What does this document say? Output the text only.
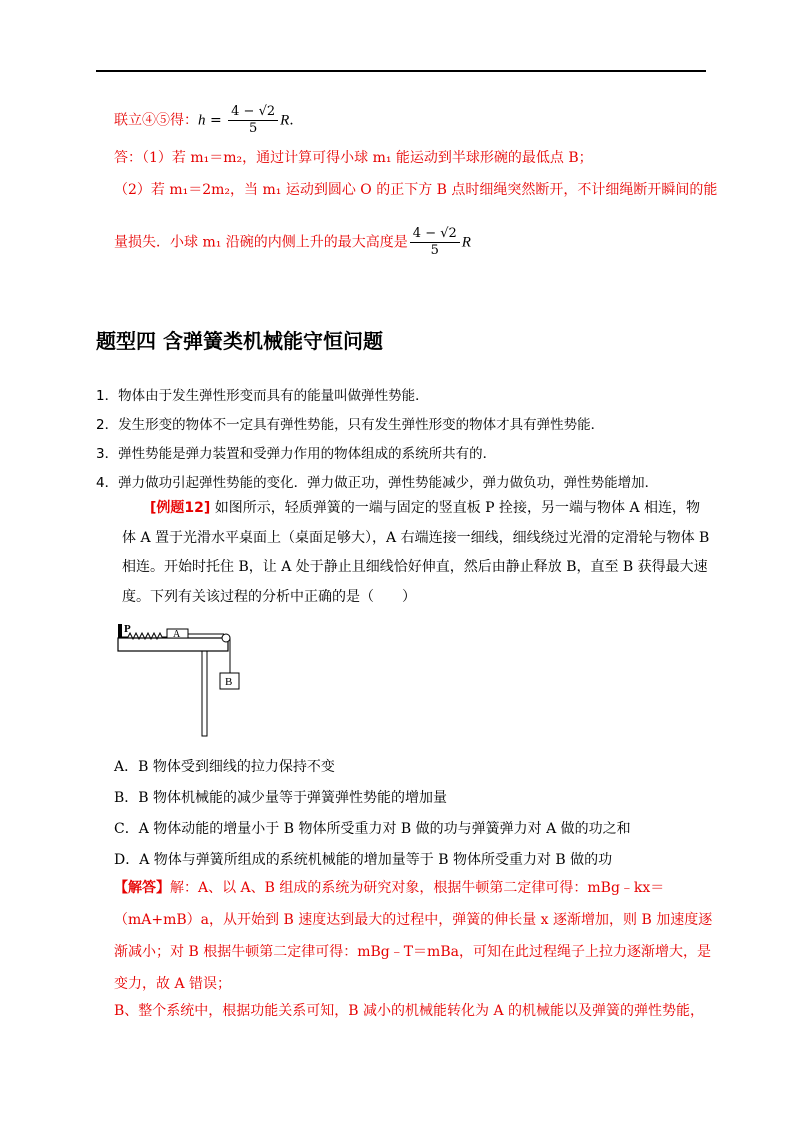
联立④⑤得：$h = \frac{4 - √2}{5} R$.
答：（1）若 m₁＝m₂，通过计算可得小球 m₁ 能运动到半球形碗的最低点 B；
（2）若 m₁＝2m₂，当 m₁ 运动到圆心 O 的正下方 B 点时细绳突然断开，不计细绳断开瞬间的能
量损失．小球 m₁ 沿碗的内侧上升的最大高度是 $\frac{4 - √2}{5}$ R
题型四 含弹簧类机械能守恒问题
1．物体由于发生弹性形变而具有的能量叫做弹性势能．
2．发生形变的物体不一定具有弹性势能，只有发生弹性形变的物体才具有弹性势能．
3．弹性势能是弹力装置和受弹力作用的物体组成的系统所共有的．
4．弹力做功引起弹性势能的变化．弹力做正功，弹性势能减少，弹力做负功，弹性势能增加．
[例题12] 如图所示，轻质弹簧的一端与固定的竖直板 P 拴接，另一端与物体 A 相连，物体 A 置于光滑水平桌面上（桌面足够大），A 右端连接一细线，细线绕过光滑的定滑轮与物体 B 相连。开始时托住 B，让 A 处于静止且细线恰好伸直，然后由静止释放 B，直至 B 获得最大速度。下列有关该过程的分析中正确的是（　　）
P	A
B
A．B 物体受到细线的拉力保持不变
B．B 物体机械能的减少量等于弹簧弹性势能的增加量
C．A 物体动能的增量小于 B 物体所受重力对 B 做的功与弹簧弹力对 A 做的功之和
D．A 物体与弹簧所组成的系统机械能的增加量等于 B 物体所受重力对 B 做的功
【解答】解：A、以 A、B 组成的系统为研究对象，根据牛顿第二定律可得：mBg﹣kx＝（mA+mB）a，从开始到 B 速度达到最大的过程中，弹簧的伸长量 x 逐渐增加，则 B 加速度逐渐减小；对 B 根据牛顿第二定律可得：mBg﹣T＝mBa，可知在此过程绳子上拉力逐渐增大，是变力，故 A 错误；
B、整个系统中，根据功能关系可知，B 减小的机械能转化为 A 的机械能以及弹簧的弹性势能，
